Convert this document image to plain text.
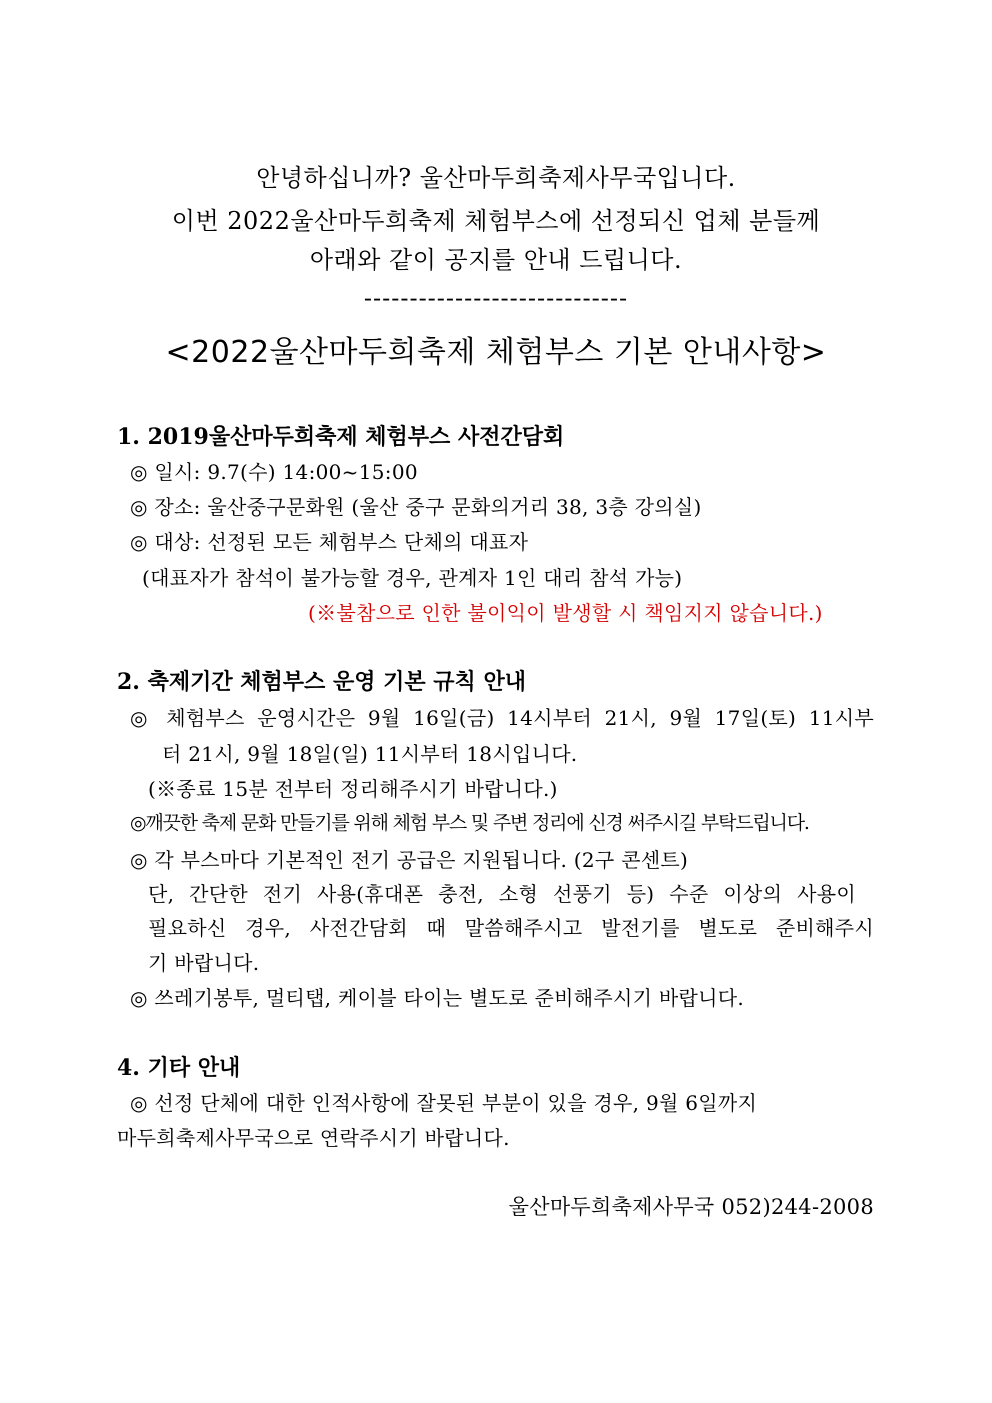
안녕하십니까? 울산마두희축제사무국입니다.
이번 2022울산마두희축제 체험부스에 선정되신 업체 분들께
아래와 같이 공지를 안내 드립니다.
-----------------------------
<2022울산마두희축제 체험부스 기본 안내사항>
1. 2019울산마두희축제 체험부스 사전간담회
◎ 일시: 9.7(수) 14:00~15:00
◎ 장소: 울산중구문화원 (울산 중구 문화의거리 38, 3층 강의실)
◎ 대상: 선정된 모든 체험부스 단체의 대표자
(대표자가 참석이 불가능할 경우, 관계자 1인 대리 참석 가능)
(※불참으로 인한 불이익이 발생할 시 책임지지 않습니다.)
2. 축제기간 체험부스 운영 기본 규칙 안내
◎ 체험부스 운영시간은 9월 16일(금) 14시부터 21시, 9월 17일(토) 11시부
터 21시, 9월 18일(일) 11시부터 18시입니다.
(※종료 15분 전부터 정리해주시기 바랍니다.)
◎깨끗한 축제 문화 만들기를 위해 체험 부스 및 주변 정리에 신경 써주시길 부탁드립니다.
◎ 각 부스마다 기본적인 전기 공급은 지원됩니다. (2구 콘센트)
단, 간단한 전기 사용(휴대폰 충전, 소형 선풍기 등) 수준 이상의 사용이
필요하신 경우, 사전간담회 때 말씀해주시고 발전기를 별도로 준비해주시
기 바랍니다.
◎ 쓰레기봉투, 멀티탭, 케이블 타이는 별도로 준비해주시기 바랍니다.
4. 기타 안내
◎ 선정 단체에 대한 인적사항에 잘못된 부분이 있을 경우, 9월 6일까지
마두희축제사무국으로 연락주시기 바랍니다.
울산마두희축제사무국 052)244-2008
